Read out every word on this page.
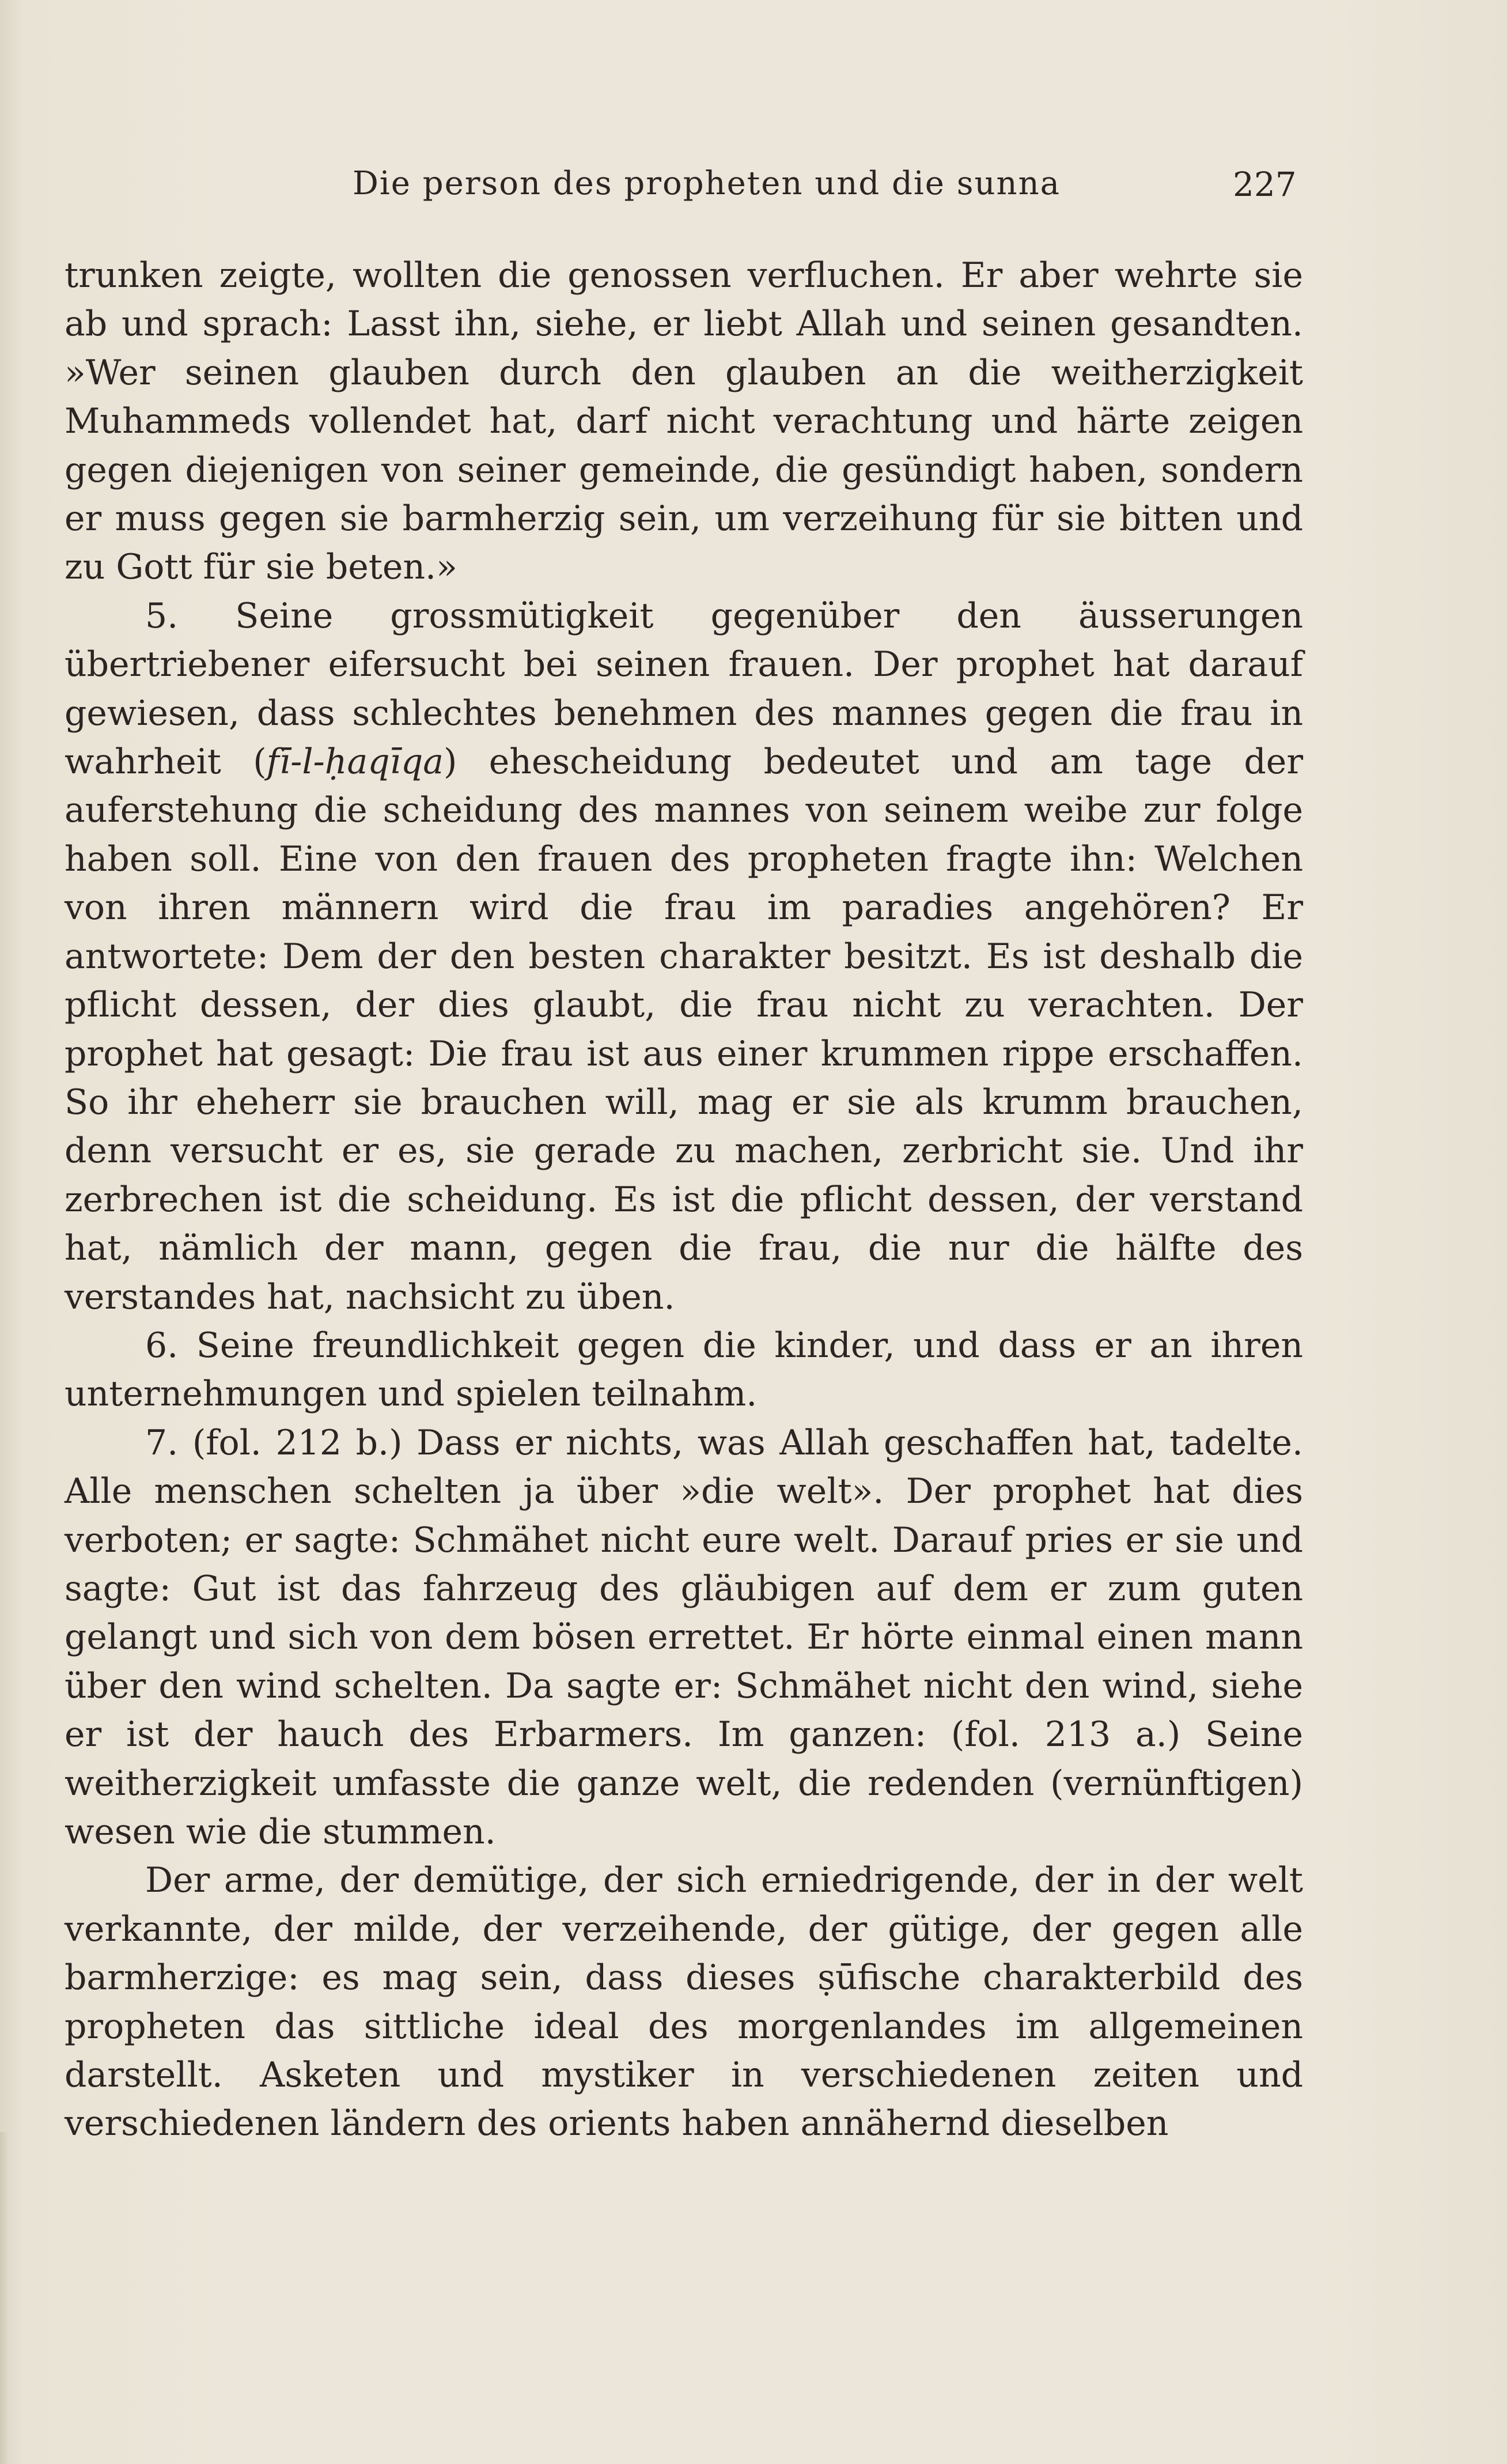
Die person des propheten und die sunna	227

trunken zeigte, wollten die genossen verfluchen. Er aber wehrte sie ab und sprach: Lasst ihn, siehe, er liebt Allah und seinen gesandten. »Wer seinen glauben durch den glauben an die weitherzigkeit Muhammeds vollendet hat, darf nicht verachtung und härte zeigen gegen diejenigen von seiner gemeinde, die gesündigt haben, sondern er muss gegen sie barmherzig sein, um verzeihung für sie bitten und zu Gott für sie beten.»

5. Seine grossmütigkeit gegenüber den äusserungen übertriebener eifersucht bei seinen frauen. Der prophet hat darauf gewiesen, dass schlechtes benehmen des mannes gegen die frau in wahrheit (fī-l-ḥaqīqa) ehescheidung bedeutet und am tage der auferstehung die scheidung des mannes von seinem weibe zur folge haben soll. Eine von den frauen des propheten fragte ihn: Welchen von ihren männern wird die frau im paradies angehören? Er antwortete: Dem der den besten charakter besitzt. Es ist deshalb die pflicht dessen, der dies glaubt, die frau nicht zu verachten. Der prophet hat gesagt: Die frau ist aus einer krummen rippe erschaffen. So ihr eheherr sie brauchen will, mag er sie als krumm brauchen, denn versucht er es, sie gerade zu machen, zerbricht sie. Und ihr zerbrechen ist die scheidung. Es ist die pflicht dessen, der verstand hat, nämlich der mann, gegen die frau, die nur die hälfte des verstandes hat, nachsicht zu üben.

6. Seine freundlichkeit gegen die kinder, und dass er an ihren unternehmungen und spielen teilnahm.

7. (fol. 212 b.) Dass er nichts, was Allah geschaffen hat, tadelte. Alle menschen schelten ja über »die welt». Der prophet hat dies verboten; er sagte: Schmähet nicht eure welt. Darauf pries er sie und sagte: Gut ist das fahrzeug des gläubigen auf dem er zum guten gelangt und sich von dem bösen errettet. Er hörte einmal einen mann über den wind schelten. Da sagte er: Schmähet nicht den wind, siehe er ist der hauch des Erbarmers. Im ganzen: (fol. 213 a.) Seine weitherzigkeit umfasste die ganze welt, die redenden (vernünftigen) wesen wie die stummen.

Der arme, der demütige, der sich erniedrigende, der in der welt verkannte, der milde, der verzeihende, der gütige, der gegen alle barmherzige: es mag sein, dass dieses ṣūfische charakterbild des propheten das sittliche ideal des morgenlandes im allgemeinen darstellt. Asketen und mystiker in verschiedenen zeiten und verschiedenen ländern des orients haben annähernd dieselben
